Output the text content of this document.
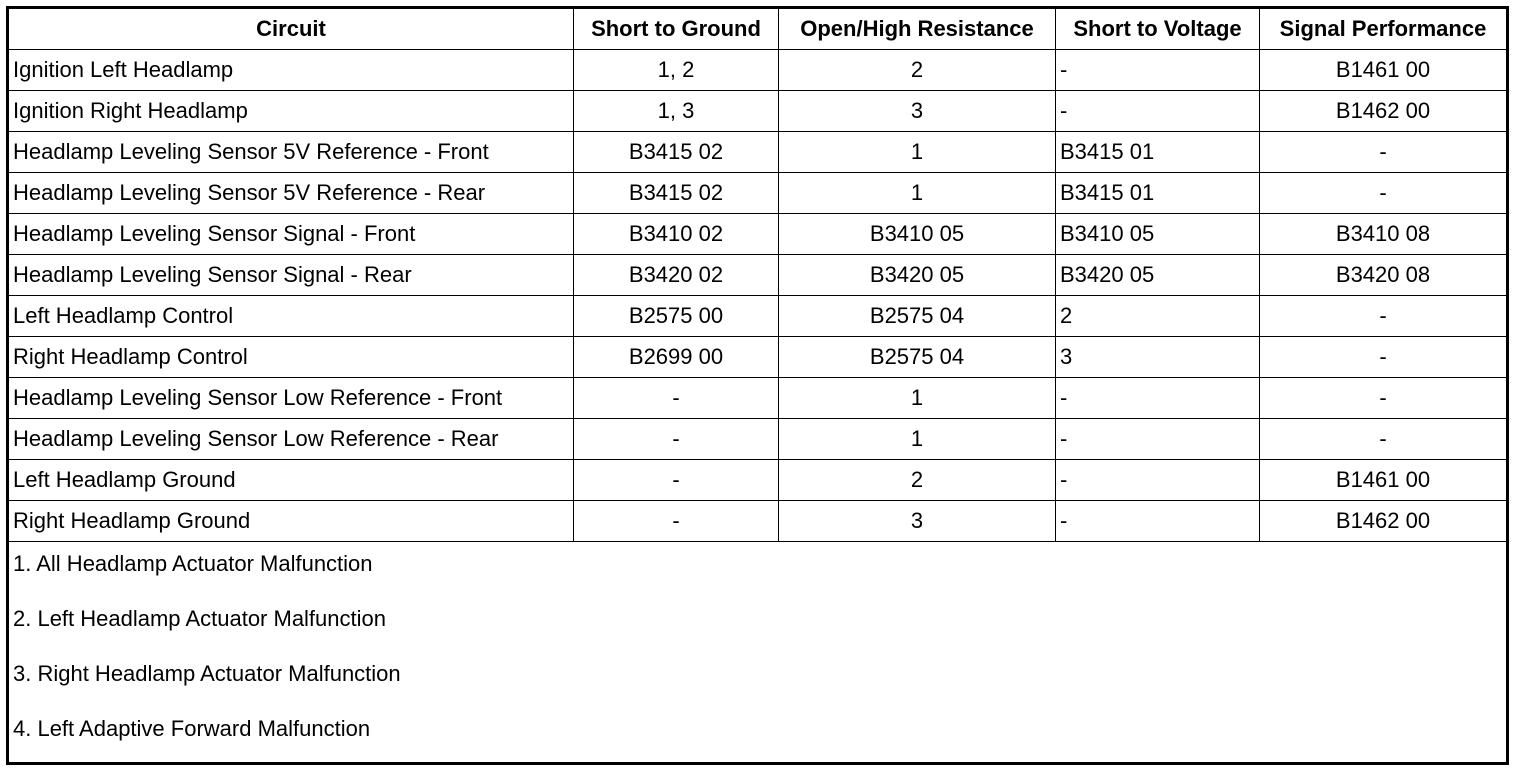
Circuit	Short to Ground	Open/High Resistance	Short to Voltage	Signal Performance
Ignition Left Headlamp	1, 2	2	-	B1461 00
Ignition Right Headlamp	1, 3	3	-	B1462 00
Headlamp Leveling Sensor 5V Reference - Front	B3415 02	1	B3415 01	-
Headlamp Leveling Sensor 5V Reference - Rear	B3415 02	1	B3415 01	-
Headlamp Leveling Sensor Signal - Front	B3410 02	B3410 05	B3410 05	B3410 08
Headlamp Leveling Sensor Signal - Rear	B3420 02	B3420 05	B3420 05	B3420 08
Left Headlamp Control	B2575 00	B2575 04	2	-
Right Headlamp Control	B2699 00	B2575 04	3	-
Headlamp Leveling Sensor Low Reference - Front	-	1	-	-
Headlamp Leveling Sensor Low Reference - Rear	-	1	-	-
Left Headlamp Ground	-	2	-	B1461 00
Right Headlamp Ground	-	3	-	B1462 00

1. All Headlamp Actuator Malfunction
2. Left Headlamp Actuator Malfunction
3. Right Headlamp Actuator Malfunction
4. Left Adaptive Forward Malfunction				
